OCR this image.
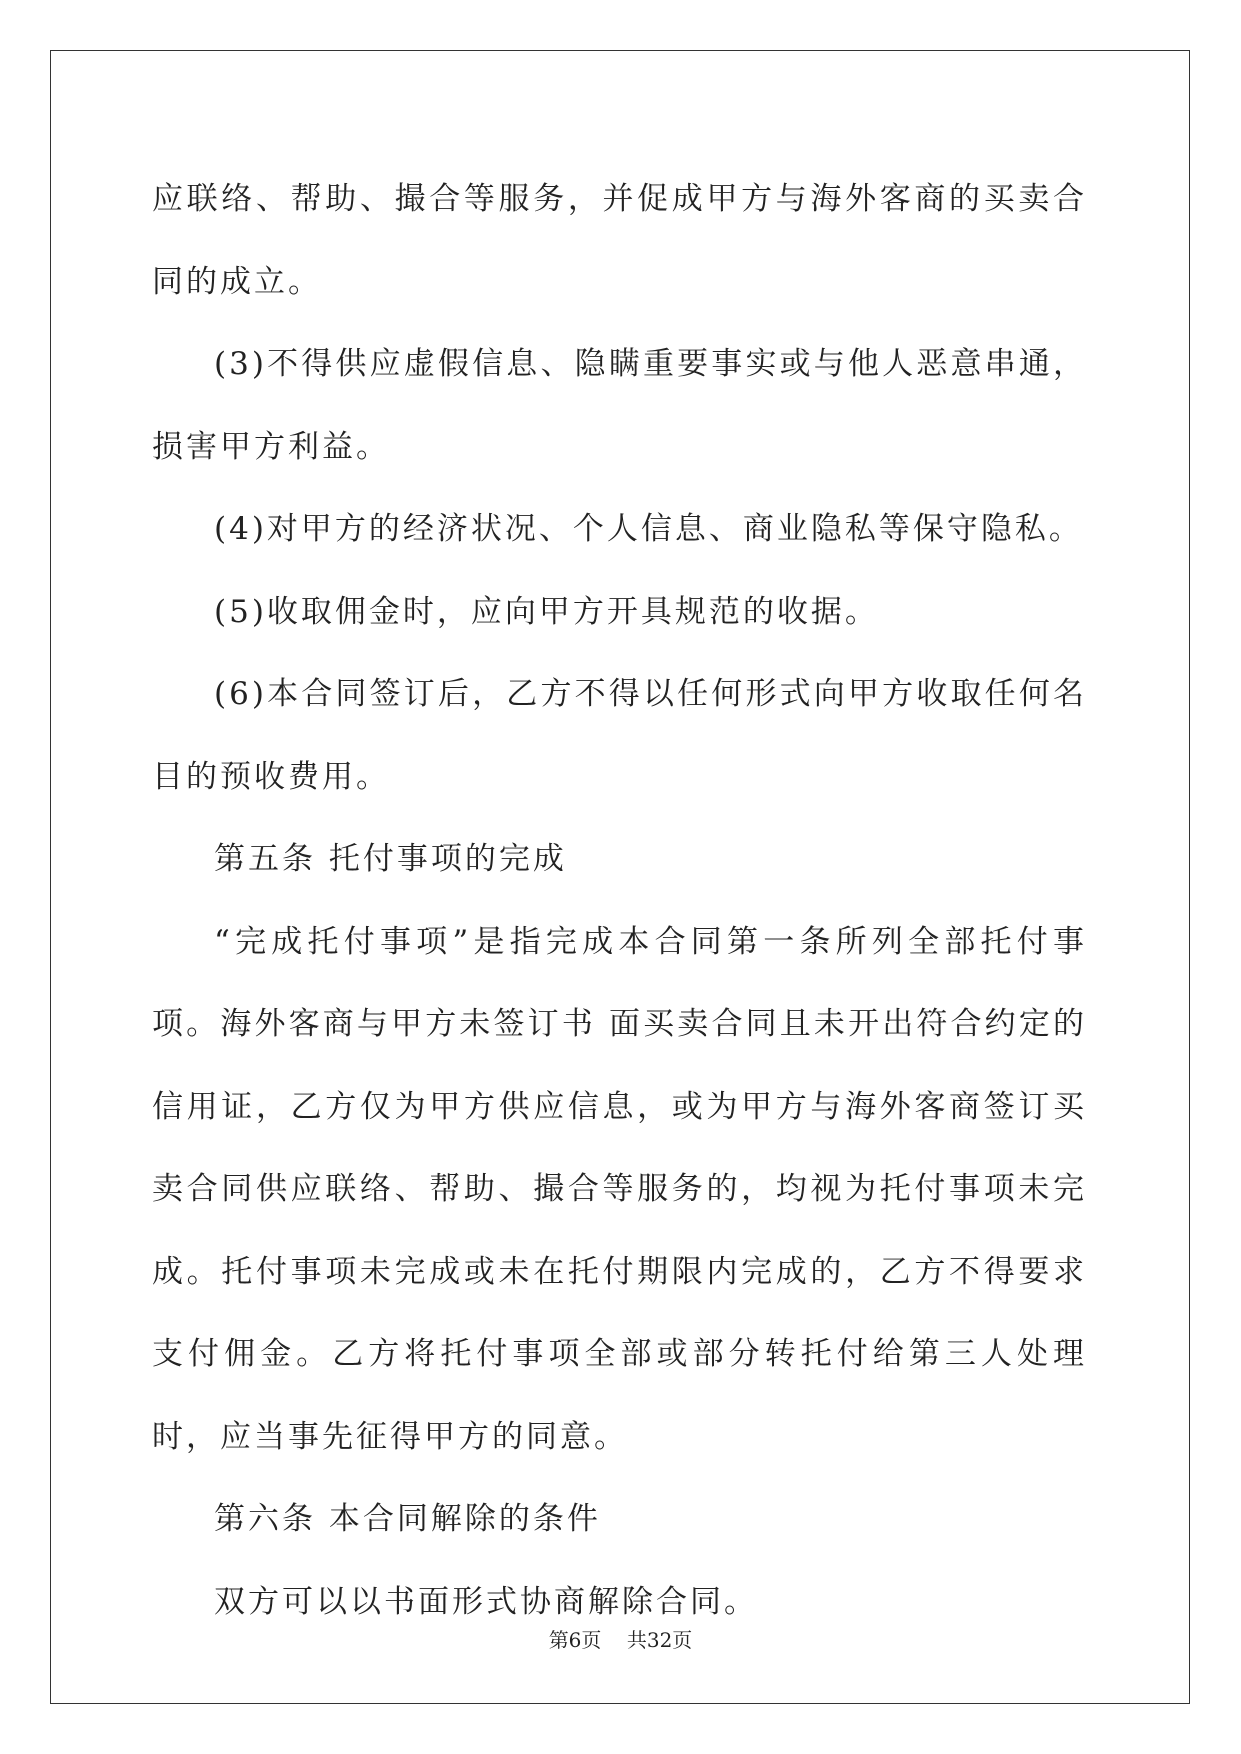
应联络、帮助、撮合等服务，并促成甲方与海外客商的买卖合同的成立。

(3)不得供应虚假信息、隐瞒重要事实或与他人恶意串通，损害甲方利益。

(4)对甲方的经济状况、个人信息、商业隐私等保守隐私。

(5)收取佣金时，应向甲方开具规范的收据。

(6)本合同签订后，乙方不得以任何形式向甲方收取任何名目的预收费用。

第五条 托付事项的完成

“完成托付事项”是指完成本合同第一条所列全部托付事项。海外客商与甲方未签订书 面买卖合同且未开出符合约定的信用证，乙方仅为甲方供应信息，或为甲方与海外客商签订买卖合同供应联络、帮助、撮合等服务的，均视为托付事项未完成。托付事项未完成或未在托付期限内完成的，乙方不得要求支付佣金。乙方将托付事项全部或部分转托付给第三人处理时，应当事先征得甲方的同意。

第六条 本合同解除的条件

双方可以以书面形式协商解除合同。

第6页 共32页
